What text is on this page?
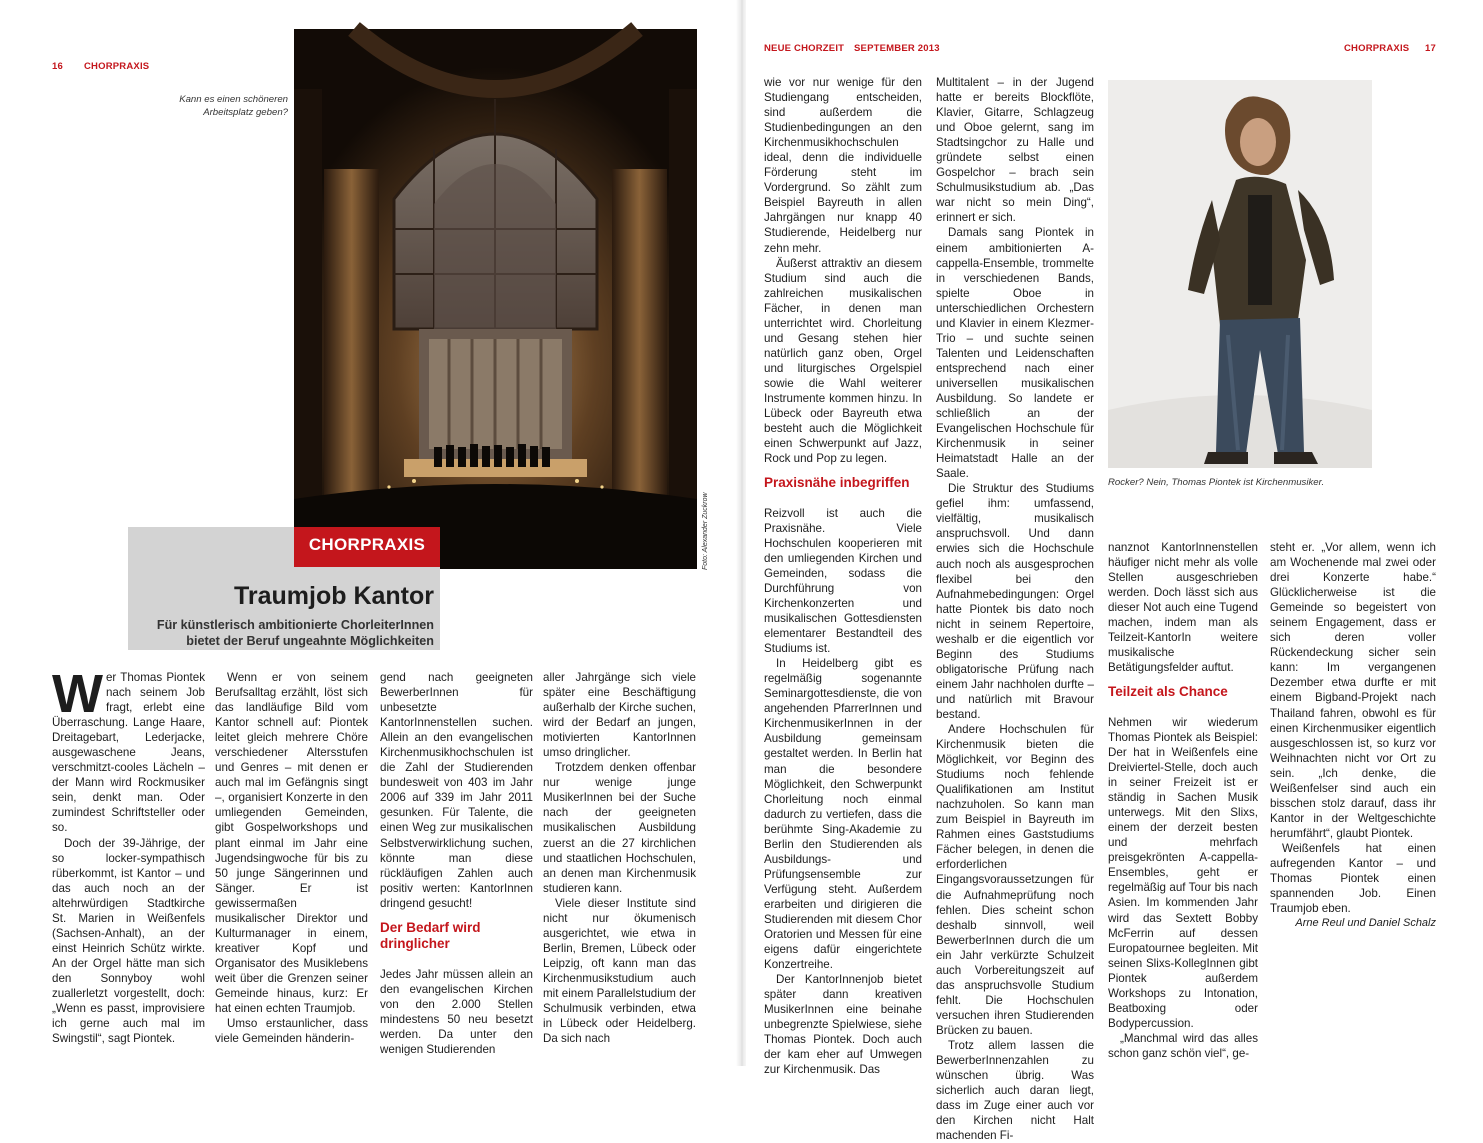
16 CHORPRAXIS
Kann es einen schöneren Arbeitsplatz geben?
Foto: Alexander Zuckrow
CHORPRAXIS
Traumjob Kantor
Für künstlerisch ambitionierte ChorleiterInnen bietet der Beruf ungeahnte Möglichkeiten

Wer Thomas Piontek nach seinem Job fragt, erlebt eine Überraschung. Lange Haare, Dreitagebart, Lederjacke, ausgewaschene Jeans, verschmitzt-cooles Lächeln – der Mann wird Rockmusiker sein, denkt man. Oder zumindest Schriftsteller oder so.

Doch der 39-Jährige, der so locker-sympathisch rüberkommt, ist Kantor – und das auch noch an der altehrwürdigen Stadtkirche St. Marien in Weißenfels (Sachsen-Anhalt), an der einst Heinrich Schütz wirkte. An der Orgel hätte man sich den Sonnyboy wohl zuallerletzt vorgestellt, doch: „Wenn es passt, improvisiere ich gerne auch mal im Swingstil“, sagt Piontek.

Wenn er von seinem Berufsalltag erzählt, löst sich das landläufige Bild vom Kantor schnell auf: Piontek leitet gleich mehrere Chöre verschiedener Altersstufen und Genres – mit denen er auch mal im Gefängnis singt –, organisiert Konzerte in den umliegenden Gemeinden, gibt Gospelworkshops und plant einmal im Jahr eine Jugendsingwoche für bis zu 50 junge Sängerinnen und Sänger. Er ist gewissermaßen musikalischer Direktor und Kulturmanager in einem, kreativer Kopf und Organisator des Musiklebens weit über die Grenzen seiner Gemeinde hinaus, kurz: Er hat einen echten Traumjob.

Umso erstaunlicher, dass viele Gemeinden händerin-

gend nach geeigneten BewerberInnen für unbesetzte KantorInnenstellen suchen. Allein an den evangelischen Kirchenmusikhochschulen ist die Zahl der Studierenden bundesweit von 403 im Jahr 2006 auf 339 im Jahr 2011 gesunken. Für Talente, die einen Weg zur musikalischen Selbstverwirklichung suchen, könnte man diese rückläufigen Zahlen auch positiv werten: KantorInnen dringend gesucht!

Der Bedarf wird dringlicher

Jedes Jahr müssen allein an den evangelischen Kirchen von den 2.000 Stellen mindestens 50 neu besetzt werden. Da unter den wenigen Studierenden

aller Jahrgänge sich viele später eine Beschäftigung außerhalb der Kirche suchen, wird der Bedarf an jungen, motivierten KantorInnen umso dringlicher.

Trotzdem denken offenbar nur wenige junge MusikerInnen bei der Suche nach der geeigneten musikalischen Ausbildung zuerst an die 27 kirchlichen und staatlichen Hochschulen, an denen man Kirchenmusik studieren kann.

Viele dieser Institute sind nicht nur ökumenisch ausgerichtet, wie etwa in Berlin, Bremen, Lübeck oder Leipzig, oft kann man das Kirchenmusikstudium auch mit einem Parallelstudium der Schulmusik verbinden, etwa in Lübeck oder Heidelberg. Da sich nach

NEUE CHORZEIT SEPTEMBER 2013	CHORPRAXIS 17
Rocker? Nein, Thomas Piontek ist Kirchenmusiker.

wie vor nur wenige für den Studiengang entscheiden, sind außerdem die Studienbedingungen an den Kirchenmusikhochschulen ideal, denn die individuelle Förderung steht im Vordergrund. So zählt zum Beispiel Bayreuth in allen Jahrgängen nur knapp 40 Studierende, Heidelberg nur zehn mehr.

Äußerst attraktiv an diesem Studium sind auch die zahlreichen musikalischen Fächer, in denen man unterrichtet wird. Chorleitung und Gesang stehen hier natürlich ganz oben, Orgel und liturgisches Orgelspiel sowie die Wahl weiterer Instrumente kommen hinzu. In Lübeck oder Bayreuth etwa besteht auch die Möglichkeit einen Schwerpunkt auf Jazz, Rock und Pop zu legen.

Praxisnähe inbegriffen

Reizvoll ist auch die Praxisnähe. Viele Hochschulen kooperieren mit den umliegenden Kirchen und Gemeinden, sodass die Durchführung von Kirchenkonzerten und musikalischen Gottesdiensten elementarer Bestandteil des Studiums ist.

In Heidelberg gibt es regelmäßig sogenannte Seminargottesdienste, die von angehenden PfarrerInnen und KirchenmusikerInnen in der Ausbildung gemeinsam gestaltet werden. In Berlin hat man die besondere Möglichkeit, den Schwerpunkt Chorleitung noch einmal dadurch zu vertiefen, dass die berühmte Sing-Akademie zu Berlin den Studierenden als Ausbildungs- und Prüfungsensemble zur Verfügung steht. Außerdem erarbeiten und dirigieren die Studierenden mit diesem Chor Oratorien und Messen für eine eigens dafür eingerichtete Konzertreihe.

Der KantorInnenjob bietet später dann kreativen MusikerInnen eine beinahe unbegrenzte Spielwiese, siehe Thomas Piontek. Doch auch der kam eher auf Umwegen zur Kirchenmusik. Das

Multitalent – in der Jugend hatte er bereits Blockflöte, Klavier, Gitarre, Schlagzeug und Oboe gelernt, sang im Stadtsingchor zu Halle und gründete selbst einen Gospelchor – brach sein Schulmusikstudium ab. „Das war nicht so mein Ding“, erinnert er sich.

Damals sang Piontek in einem ambitionierten A-cappella-Ensemble, trommelte in verschiedenen Bands, spielte Oboe in unterschiedlichen Orchestern und Klavier in einem Klezmer-Trio – und suchte seinen Talenten und Leidenschaften entsprechend nach einer universellen musikalischen Ausbildung. So landete er schließlich an der Evangelischen Hochschule für Kirchenmusik in seiner Heimatstadt Halle an der Saale.

Die Struktur des Studiums gefiel ihm: umfassend, vielfältig, musikalisch anspruchsvoll. Und dann erwies sich die Hochschule auch noch als ausgesprochen flexibel bei den Aufnahmebedingungen: Orgel hatte Piontek bis dato noch nicht in seinem Repertoire, weshalb er die eigentlich vor Beginn des Studiums obligatorische Prüfung nach einem Jahr nachholen durfte – und natürlich mit Bravour bestand.

Andere Hochschulen für Kirchenmusik bieten die Möglichkeit, vor Beginn des Studiums noch fehlende Qualifikationen am Institut nachzuholen. So kann man zum Beispiel in Bayreuth im Rahmen eines Gaststudiums Fächer belegen, in denen die erforderlichen Eingangsvoraussetzungen für die Aufnahmeprüfung noch fehlen. Dies scheint schon deshalb sinnvoll, weil BewerberInnen durch die um ein Jahr verkürzte Schulzeit auch Vorbereitungszeit auf das anspruchsvolle Studium fehlt. Die Hochschulen versuchen ihren Studierenden Brücken zu bauen.

Trotz allem lassen die BewerberInnenzahlen zu wünschen übrig. Was sicherlich auch daran liegt, dass im Zuge einer auch vor den Kirchen nicht Halt machenden Fi-

nanznot KantorInnenstellen häufiger nicht mehr als volle Stellen ausgeschrieben werden. Doch lässt sich aus dieser Not auch eine Tugend machen, indem man als Teilzeit-KantorIn weitere musikalische Betätigungsfelder auftut.

Teilzeit als Chance

Nehmen wir wiederum Thomas Piontek als Beispiel: Der hat in Weißenfels eine Dreiviertel-Stelle, doch auch in seiner Freizeit ist er ständig in Sachen Musik unterwegs. Mit den Slixs, einem der derzeit besten und mehrfach preisgekrönten A-cappella-Ensembles, geht er regelmäßig auf Tour bis nach Asien. Im kommenden Jahr wird das Sextett Bobby McFerrin auf dessen Europatournee begleiten. Mit seinen Slixs-KollegInnen gibt Piontek außerdem Workshops zu Intonation, Beatboxing oder Bodypercussion.

„Manchmal wird das alles schon ganz schön viel“, ge-

steht er. „Vor allem, wenn ich am Wochenende mal zwei oder drei Konzerte habe.“ Glücklicherweise ist die Gemeinde so begeistert von seinem Engagement, dass er sich deren voller Rückendeckung sicher sein kann: Im vergangenen Dezember etwa durfte er mit einem Bigband-Projekt nach Thailand fahren, obwohl es für einen Kirchenmusiker eigentlich ausgeschlossen ist, so kurz vor Weihnachten nicht vor Ort zu sein. „Ich denke, die Weißenfelser sind auch ein bisschen stolz darauf, dass ihr Kantor in der Weltgeschichte herumfährt“, glaubt Piontek.

Weißenfels hat einen aufregenden Kantor – und Thomas Piontek einen spannenden Job. Einen Traumjob eben.

Arne Reul und Daniel Schalz
